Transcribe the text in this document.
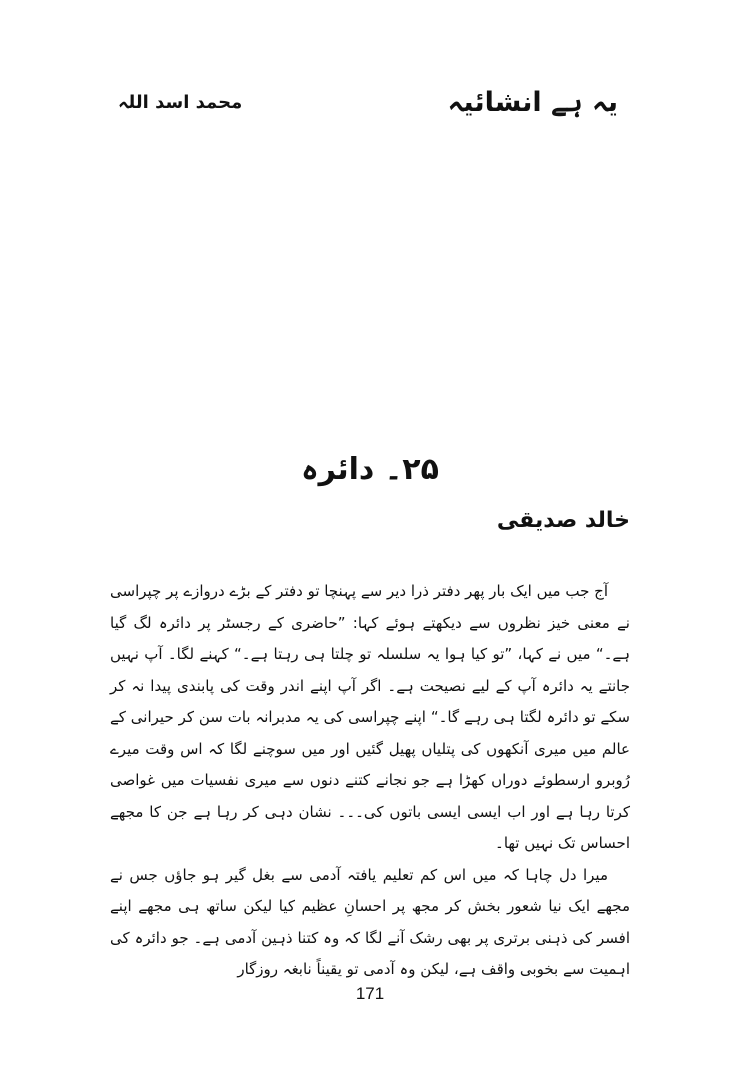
یہ ہے انشائیہ
محمد اسد اللہ
۲۵۔ دائرہ
خالد صدیقی

آج جب میں ایک بار پھر دفتر ذرا دیر سے پہنچا تو دفتر کے بڑے دروازے پر چپراسی نے معنی خیز نظروں سے دیکھتے ہوئے کہا: ”حاضری کے رجسٹر پر دائرہ لگ گیا ہے۔“ میں نے کہا، ”تو کیا ہوا یہ سلسلہ تو چلتا ہی رہتا ہے۔“ کہنے لگا۔ آپ نہیں جانتے یہ دائرہ آپ کے لیے نصیحت ہے۔ اگر آپ اپنے اندر وقت کی پابندی پیدا نہ کر سکے تو دائرہ لگتا ہی رہے گا۔“ اپنے چپراسی کی یہ مدبرانہ بات سن کر حیرانی کے عالم میں میری آنکھوں کی پتلیاں پھیل گئیں اور میں سوچنے لگا کہ اس وقت میرے رُوبرو ارسطوئے دوراں کھڑا ہے جو نجانے کتنے دنوں سے میری نفسیات میں غواصی کرتا رہا ہے اور اب ایسی ایسی باتوں کی۔۔۔ نشان دہی کر رہا ہے جن کا مجھے احساس تک نہیں تھا۔

میرا دل چاہا کہ میں اس کم تعلیم یافتہ آدمی سے بغل گیر ہو جاؤں جس نے مجھے ایک نیا شعور بخش کر مجھ پر احسانِ عظیم کیا لیکن ساتھ ہی مجھے اپنے افسر کی ذہنی برتری پر بھی رشک آنے لگا کہ وہ کتنا ذہین آدمی ہے۔ جو دائرہ کی اہمیت سے بخوبی واقف ہے، لیکن وہ آدمی تو یقیناً نابغہ روزگار

171
